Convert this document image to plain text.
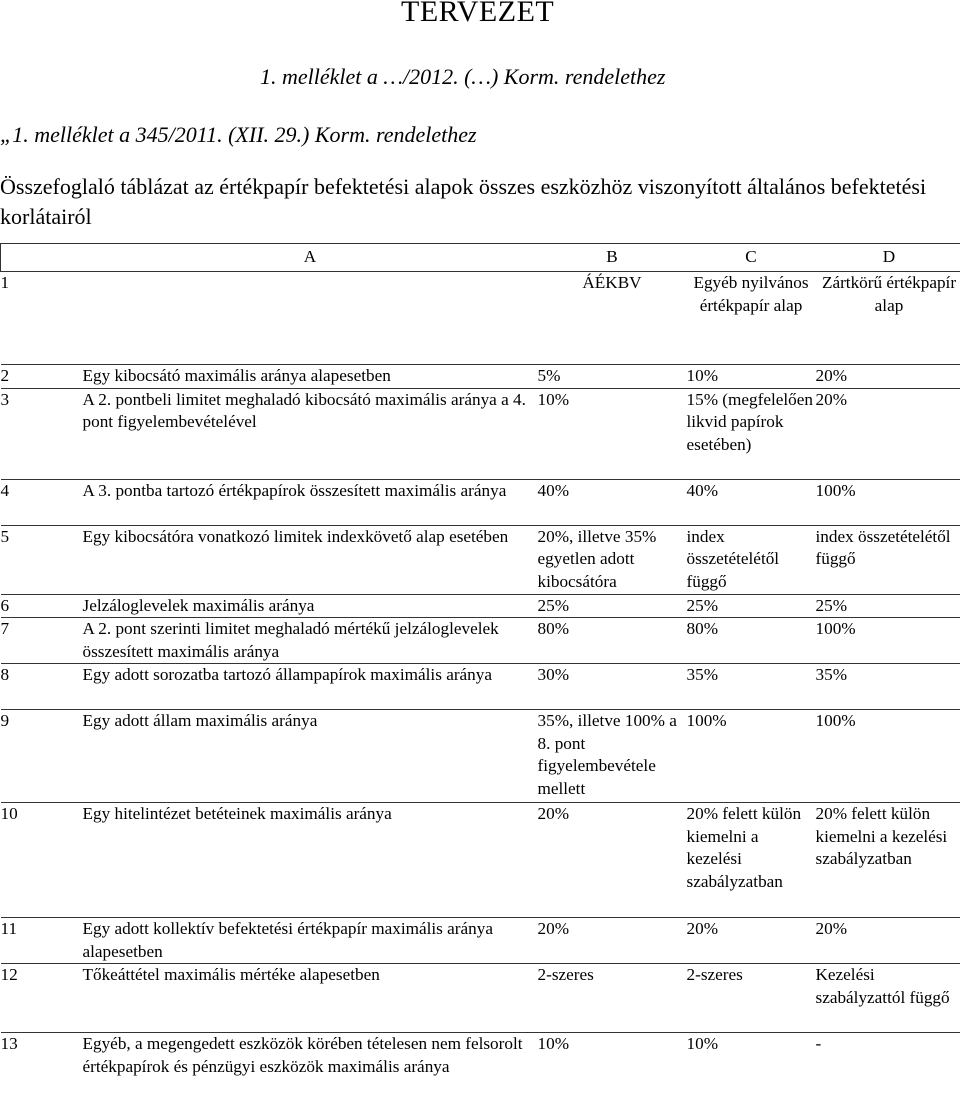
TERVEZET
1. melléklet a …/2012. (…) Korm. rendelethez
„1. melléklet a 345/2011. (XII. 29.) Korm. rendelethez
Összefoglaló táblázat az értékpapír befektetési alapok összes eszközhöz viszonyított általános befektetési korlátairól
	A	B	C	D
1		ÁÉKBV	Egyéb nyilvános értékpapír alap	Zártkörű értékpapír alap
2	Egy kibocsátó maximális aránya alapesetben	5%	10%	20%
3	A 2. pontbeli limitet meghaladó kibocsátó maximális aránya a 4. pont figyelembevételével	10%	15% (megfelelően likvid papírok esetében)	20%
4	A 3. pontba tartozó értékpapírok összesített maximális aránya	40%	40%	100%
5	Egy kibocsátóra vonatkozó limitek indexkövető alap esetében	20%, illetve 35% egyetlen adott kibocsátóra	index összetételétől függő	index összetételétől függő
6	Jelzáloglevelek maximális aránya	25%	25%	25%
7	A 2. pont szerinti limitet meghaladó mértékű jelzáloglevelek összesített maximális aránya	80%	80%	100%
8	Egy adott sorozatba tartozó állampapírok maximális aránya	30%	35%	35%
9	Egy adott állam maximális aránya	35%, illetve 100% a 8. pont figyelembevétele mellett	100%	100%
10	Egy hitelintézet betéteinek maximális aránya	20%	20% felett külön kiemelni a kezelési szabályzatban	20% felett külön kiemelni a kezelési szabályzatban
11	Egy adott kollektív befektetési értékpapír maximális aránya alapesetben	20%	20%	20%
12	Tőkeáttétel maximális mértéke alapesetben	2-szeres	2-szeres	Kezelési szabályzattól függő
13	Egyéb, a megengedett eszközök körében tételesen nem felsorolt értékpapírok és pénzügyi eszközök maximális aránya	10%	10%	-
